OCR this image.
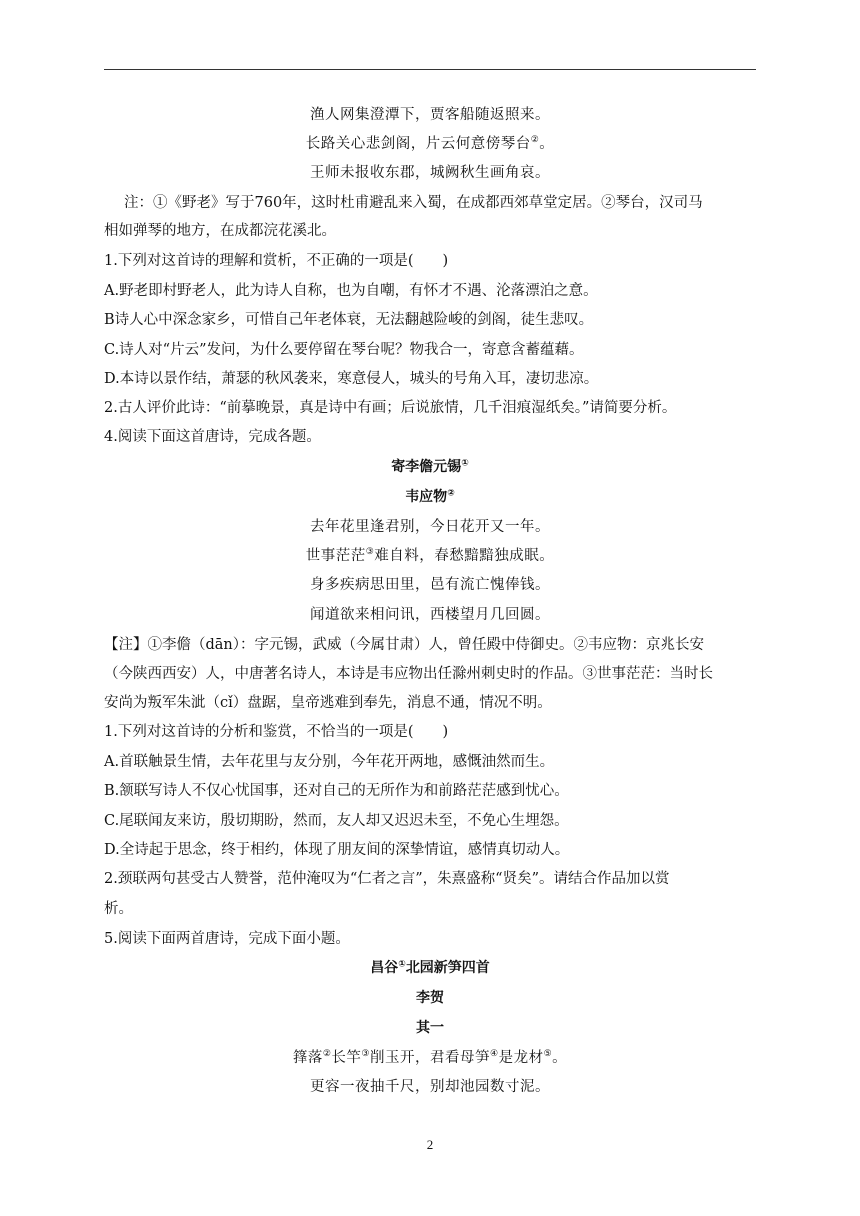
渔人网集澄潭下，贾客船随返照来。
长路关心悲剑阁，片云何意傍琴台②。
王师未报收东郡，城阙秋生画角哀。
注：①《野老》写于760年，这时杜甫避乱来入蜀，在成都西郊草堂定居。②琴台，汉司马
相如弹琴的地方，在成都浣花溪北。
1.下列对这首诗的理解和赏析，不正确的一项是(　　)
A.野老即村野老人，此为诗人自称，也为自嘲，有怀才不遇、沦落漂泊之意。
B诗人心中深念家乡，可惜自己年老体衰，无法翻越险峻的剑阁，徒生悲叹。
C.诗人对“片云”发问，为什么要停留在琴台呢？物我合一，寄意含蓄蕴藉。
D.本诗以景作结，萧瑟的秋风袭来，寒意侵人，城头的号角入耳，凄切悲凉。
2.古人评价此诗：“前摹晚景，真是诗中有画；后说旅情，几千泪痕湿纸矣。”请简要分析。
4.阅读下面这首唐诗，完成各题。
寄李儋元锡①
韦应物②
去年花里逢君别，今日花开又一年。
世事茫茫③难自料，春愁黯黯独成眠。
身多疾病思田里，邑有流亡愧俸钱。
闻道欲来相问讯，西楼望月几回圆。
【注】①李儋（dān）：字元锡，武威（今属甘肃）人，曾任殿中侍御史。②韦应物：京兆长安
（今陕西西安）人，中唐著名诗人，本诗是韦应物出任滁州刺史时的作品。③世事茫茫：当时长
安尚为叛军朱泚（cǐ）盘踞，皇帝逃难到奉先，消息不通，情况不明。
1.下列对这首诗的分析和鉴赏，不恰当的一项是(　　)
A.首联触景生情，去年花里与友分别，今年花开两地，感慨油然而生。
B.颔联写诗人不仅心忧国事，还对自己的无所作为和前路茫茫感到忧心。
C.尾联闻友来访，殷切期盼，然而，友人却又迟迟未至，不免心生埋怨。
D.全诗起于思念，终于相约，体现了朋友间的深挚情谊，感情真切动人。
2.颈联两句甚受古人赞誉，范仲淹叹为“仁者之言”，朱熹盛称“贤矣”。请结合作品加以赏
析。
5.阅读下面两首唐诗，完成下面小题。
昌谷①北园新笋四首
李贺
其一
箨落②长竿③削玉开，君看母笋④是龙材⑤。
更容一夜抽千尺，别却池园数寸泥。
2
